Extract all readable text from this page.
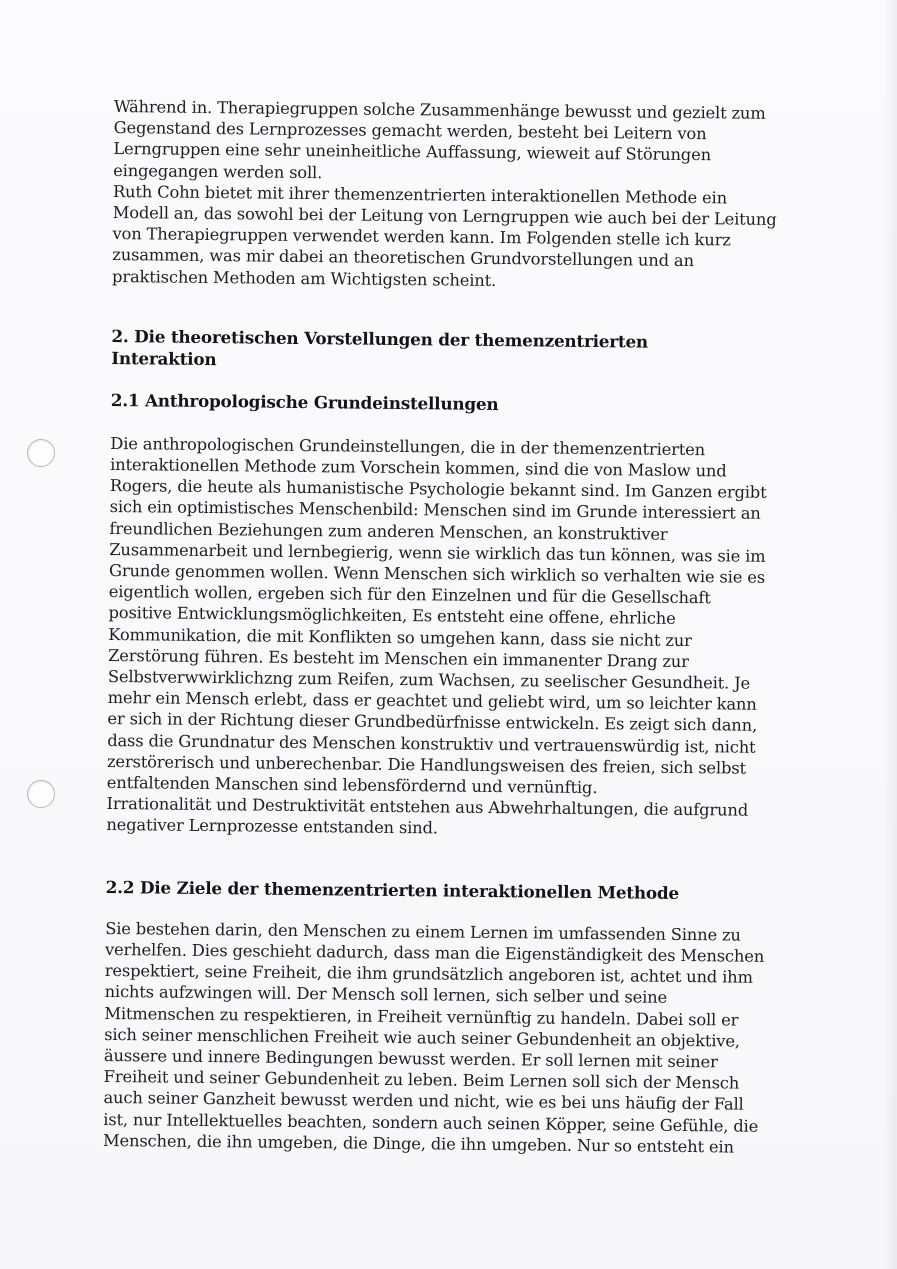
Während in. Therapiegruppen solche Zusammenhänge bewusst und gezielt zum
Gegenstand des Lernprozesses gemacht werden, besteht bei Leitern von
Lerngruppen eine sehr uneinheitliche Auffassung, wieweit auf Störungen
eingegangen werden soll.
Ruth Cohn bietet mit ihrer themenzentrierten interaktionellen Methode ein
Modell an, das sowohl bei der Leitung von Lerngruppen wie auch bei der Leitung
von Therapiegruppen verwendet werden kann. Im Folgenden stelle ich kurz
zusammen, was mir dabei an theoretischen Grundvorstellungen und an
praktischen Methoden am Wichtigsten scheint.

2. Die theoretischen Vorstellungen der themenzentrierten Interaktion
2.1 Anthropologische Grundeinstellungen

Die anthropologischen Grundeinstellungen, die in der themenzentrierten
interaktionellen Methode zum Vorschein kommen, sind die von Maslow und
Rogers, die heute als humanistische Psychologie bekannt sind. Im Ganzen ergibt
sich ein optimistisches Menschenbild: Menschen sind im Grunde interessiert an
freundlichen Beziehungen zum anderen Menschen, an konstruktiver
Zusammenarbeit und lernbegierig, wenn sie wirklich das tun können, was sie im
Grunde genommen wollen. Wenn Menschen sich wirklich so verhalten wie sie es
eigentlich wollen, ergeben sich für den Einzelnen und für die Gesellschaft
positive Entwicklungsmöglichkeiten, Es entsteht eine offene, ehrliche
Kommunikation, die mit Konflikten so umgehen kann, dass sie nicht zur
Zerstörung führen. Es besteht im Menschen ein immanenter Drang zur
Selbstverwwirklichzng zum Reifen, zum Wachsen, zu seelischer Gesundheit. Je
mehr ein Mensch erlebt, dass er geachtet und geliebt wird, um so leichter kann
er sich in der Richtung dieser Grundbedürfnisse entwickeln. Es zeigt sich dann,
dass die Grundnatur des Menschen konstruktiv und vertrauenswürdig ist, nicht
zerstörerisch und unberechenbar. Die Handlungsweisen des freien, sich selbst
entfaltenden Manschen sind lebensfördernd und vernünftig.
Irrationalität und Destruktivität entstehen aus Abwehrhaltungen, die aufgrund
negativer Lernprozesse entstanden sind.

2.2 Die Ziele der themenzentrierten interaktionellen Methode

Sie bestehen darin, den Menschen zu einem Lernen im umfassenden Sinne zu
verhelfen. Dies geschieht dadurch, dass man die Eigenständigkeit des Menschen
respektiert, seine Freiheit, die ihm grundsätzlich angeboren ist, achtet und ihm
nichts aufzwingen will. Der Mensch soll lernen, sich selber und seine
Mitmenschen zu respektieren, in Freiheit vernünftig zu handeln. Dabei soll er
sich seiner menschlichen Freiheit wie auch seiner Gebundenheit an objektive,
äussere und innere Bedingungen bewusst werden. Er soll lernen mit seiner
Freiheit und seiner Gebundenheit zu leben. Beim Lernen soll sich der Mensch
auch seiner Ganzheit bewusst werden und nicht, wie es bei uns häufig der Fall
ist, nur Intellektuelles beachten, sondern auch seinen Köpper, seine Gefühle, die
Menschen, die ihn umgeben, die Dinge, die ihn umgeben. Nur so entsteht ein
